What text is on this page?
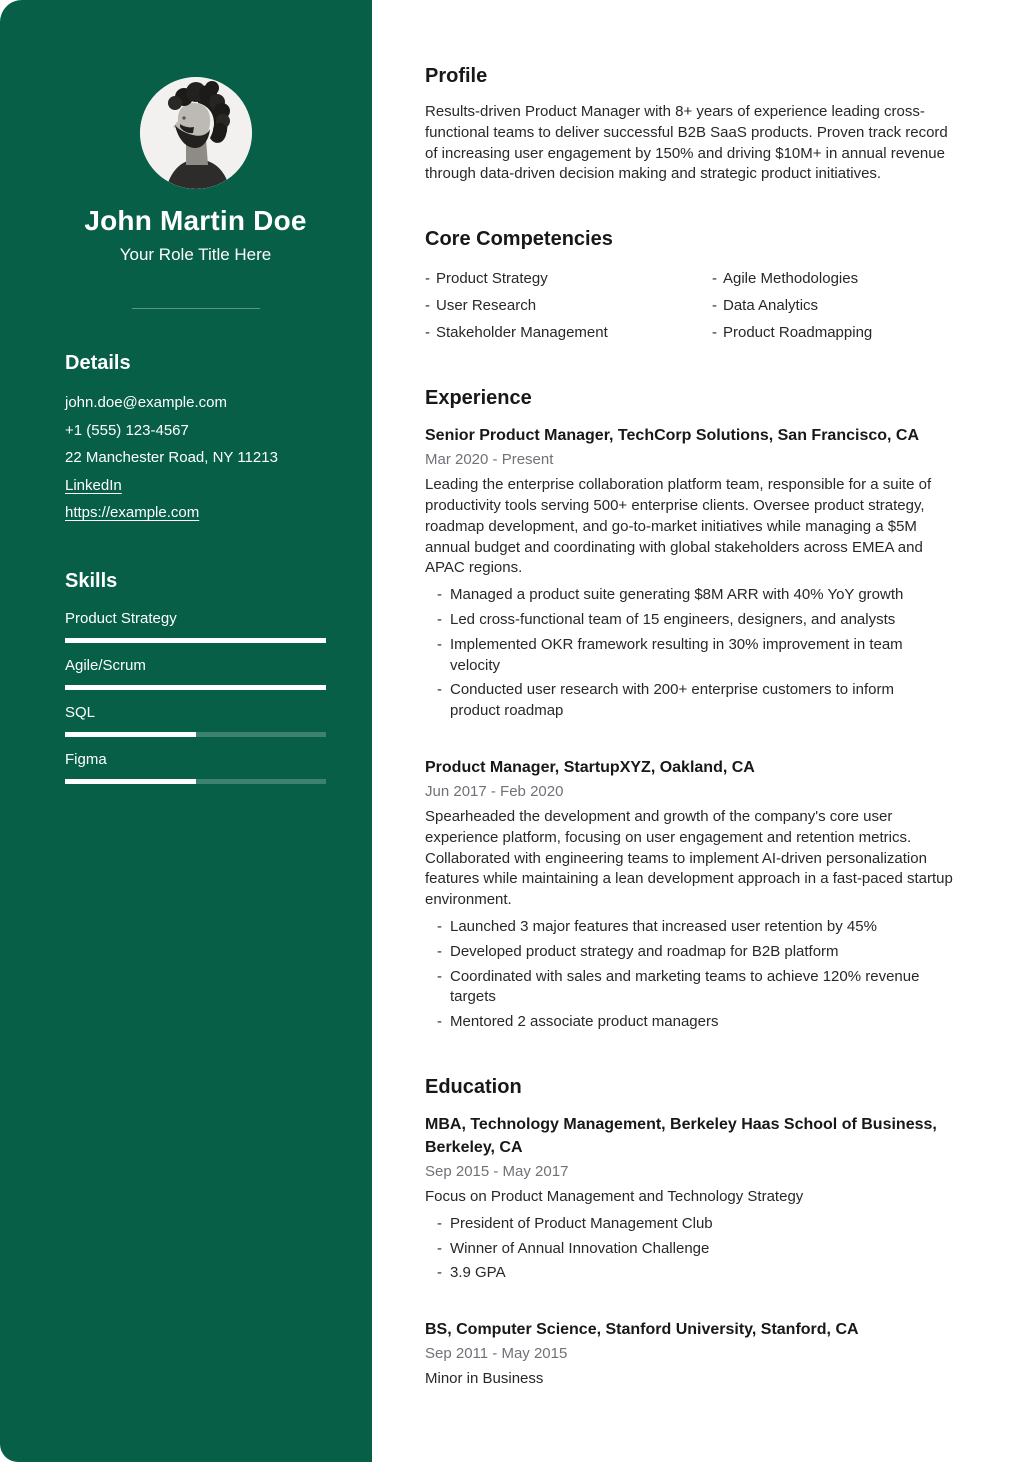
John Martin Doe
Your Role Title Here
Details
john.doe@example.com
+1 (555) 123-4567
22 Manchester Road, NY 11213
LinkedIn
https://example.com
Skills
Product Strategy
Agile/Scrum
SQL
Figma
Profile

Results-driven Product Manager with 8+ years of experience leading cross-functional teams to deliver successful B2B SaaS products. Proven track record of increasing user engagement by 150% and driving $10M+ in annual revenue through data-driven decision making and strategic product initiatives.

Core Competencies
- Product Strategy
- User Research
- Stakeholder Management
- Agile Methodologies
- Data Analytics
- Product Roadmapping
Experience
Senior Product Manager, TechCorp Solutions, San Francisco, CA
Mar 2020 - Present

Leading the enterprise collaboration platform team, responsible for a suite of productivity tools serving 500+ enterprise clients. Oversee product strategy, roadmap development, and go-to-market initiatives while managing a $5M annual budget and coordinating with global stakeholders across EMEA and APAC regions.

- Managed a product suite generating $8M ARR with 40% YoY growth
- Led cross-functional team of 15 engineers, designers, and analysts
- Implemented OKR framework resulting in 30% improvement in team velocity
- Conducted user research with 200+ enterprise customers to inform product roadmap
Product Manager, StartupXYZ, Oakland, CA
Jun 2017 - Feb 2020

Spearheaded the development and growth of the company's core user experience platform, focusing on user engagement and retention metrics. Collaborated with engineering teams to implement AI-driven personalization features while maintaining a lean development approach in a fast-paced startup environment.

- Launched 3 major features that increased user retention by 45%
- Developed product strategy and roadmap for B2B platform
- Coordinated with sales and marketing teams to achieve 120% revenue targets
- Mentored 2 associate product managers
Education
MBA, Technology Management, Berkeley Haas School of Business, Berkeley, CA
Sep 2015 - May 2017

Focus on Product Management and Technology Strategy

- President of Product Management Club
- Winner of Annual Innovation Challenge
- 3.9 GPA
BS, Computer Science, Stanford University, Stanford, CA
Sep 2011 - May 2015

Minor in Business
